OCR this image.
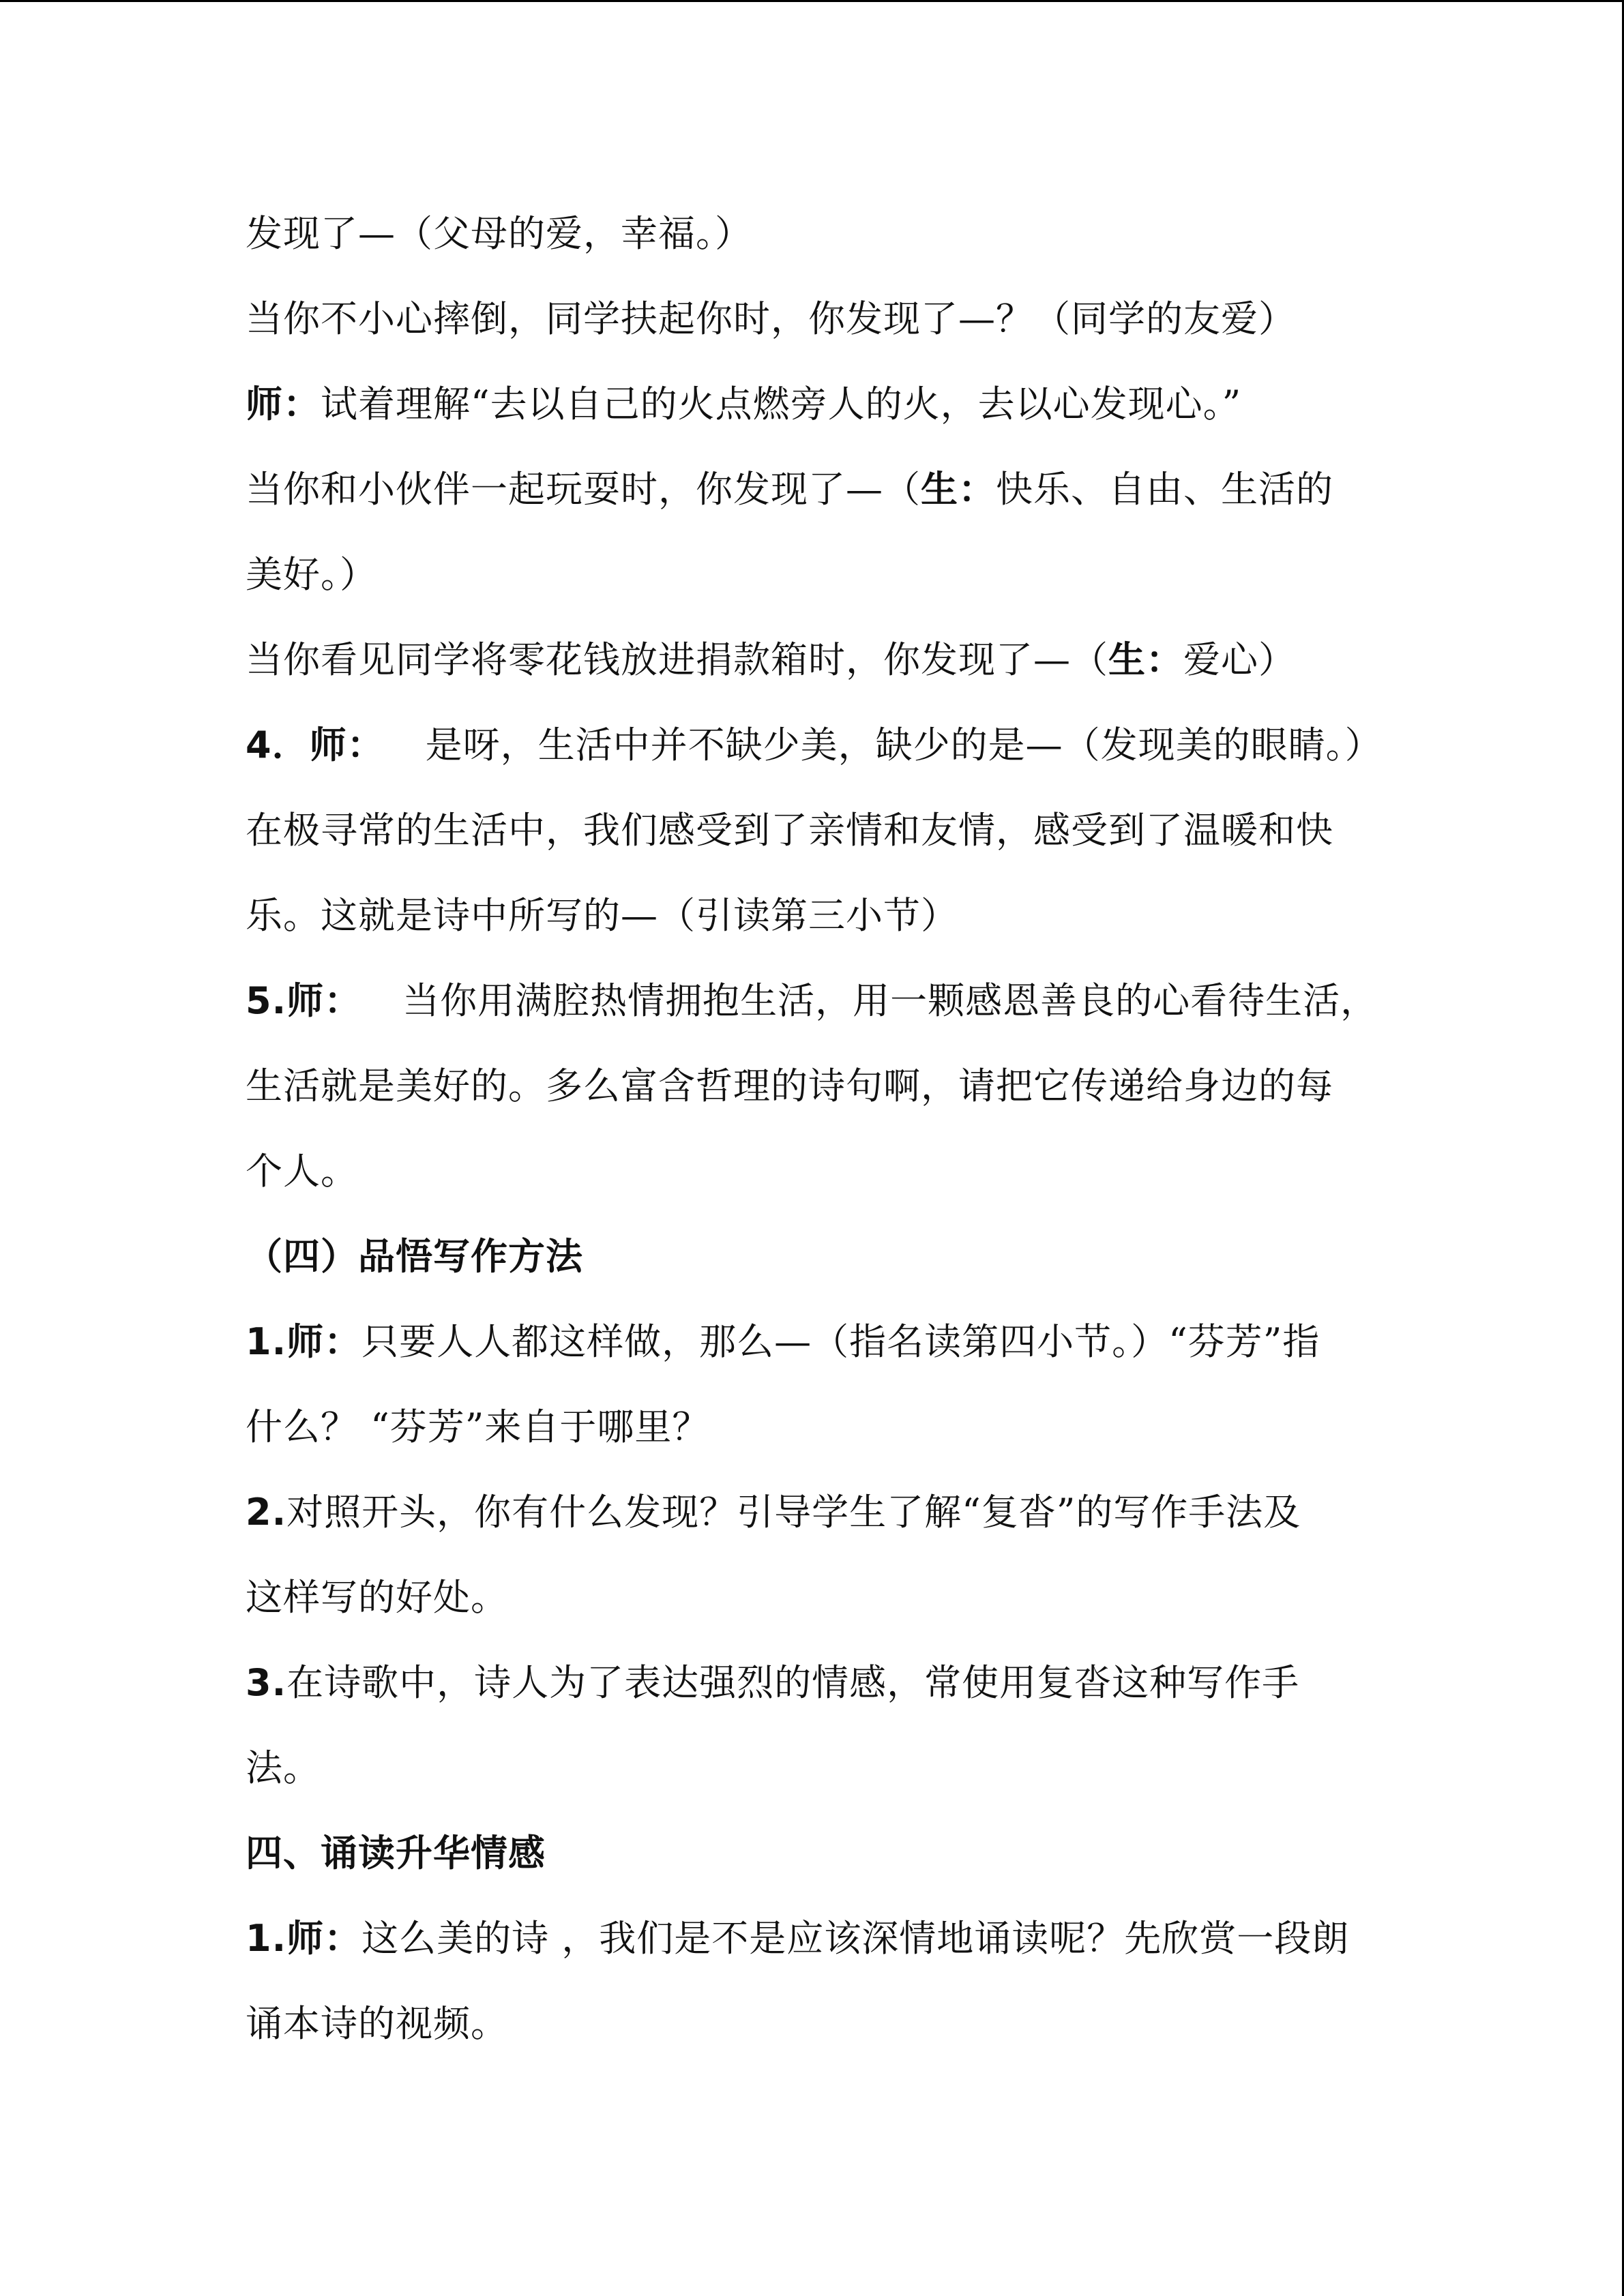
发现了—（父母的爱，幸福。）
当你不小心摔倒，同学扶起你时，你发现了—？（同学的友爱）
师：试着理解“去以自己的火点燃旁人的火，去以心发现心。”
当你和小伙伴一起玩耍时，你发现了—（生：快乐、自由、生活的
美好。）
当你看见同学将零花钱放进捐款箱时，你发现了—（生：爱心）
4．师： 是呀，生活中并不缺少美，缺少的是—（发现美的眼睛。）
在极寻常的生活中，我们感受到了亲情和友情，感受到了温暖和快
乐。这就是诗中所写的—（引读第三小节）
5.师： 当你用满腔热情拥抱生活，用一颗感恩善良的心看待生活，
生活就是美好的。多么富含哲理的诗句啊，请把它传递给身边的每
个人。
（四）品悟写作方法
1.师：只要人人都这样做，那么—（指名读第四小节。）“芬芳”指
什么？ “芬芳”来自于哪里？
2.对照开头，你有什么发现？引导学生了解“复沓”的写作手法及
这样写的好处。
3.在诗歌中，诗人为了表达强烈的情感，常使用复沓这种写作手
法。
四、诵读升华情感
1.师：这么美的诗 ，我们是不是应该深情地诵读呢？先欣赏一段朗
诵本诗的视频。
